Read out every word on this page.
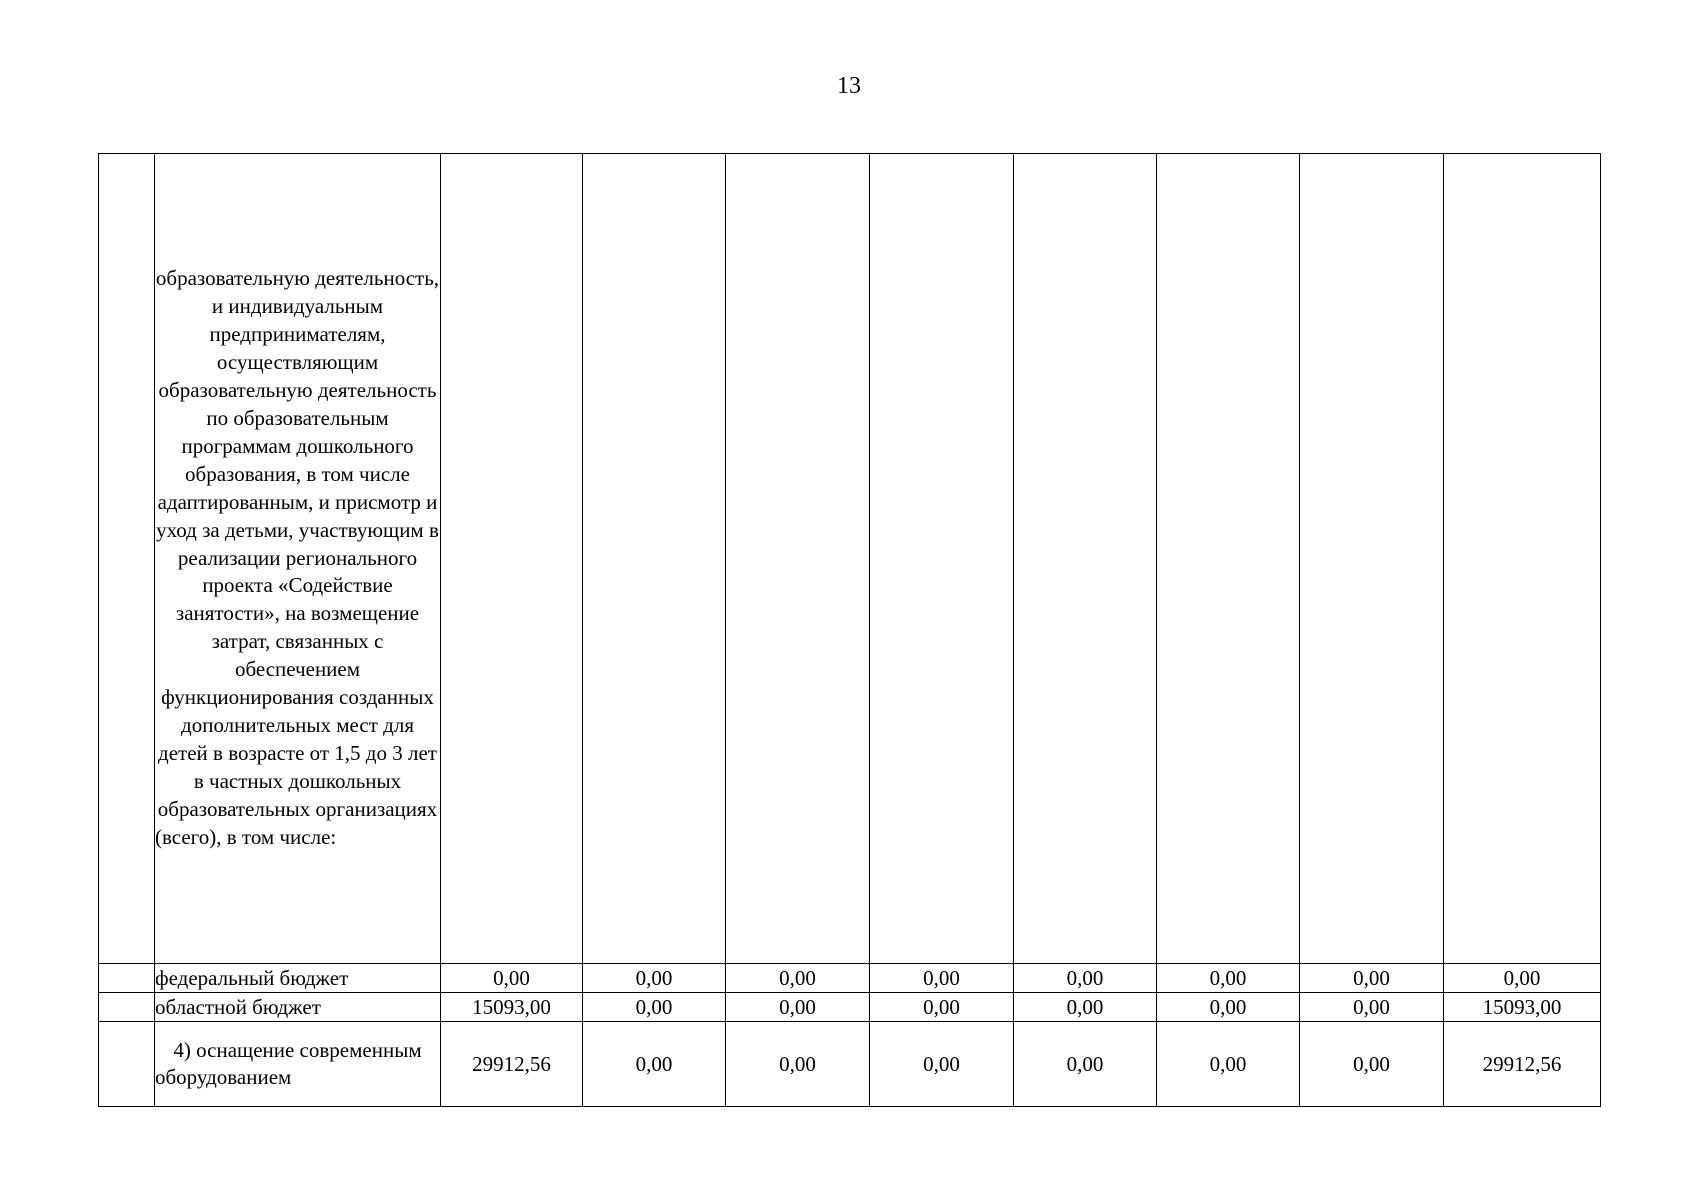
13
	образовательную деятельность, и индивидуальным предпринимателям, осуществляющим образовательную деятельность по образовательным программам дошкольного образования, в том числе адаптированным, и присмотр и уход за детьми, участвующим в реализации регионального проекта «Содействие занятости», на возмещение затрат, связанных с обеспечением функционирования созданных дополнительных мест для детей в возрасте от 1,5 до 3 лет в частных дошкольных образовательных организациях (всего), в том числе:								
	федеральный бюджет	0,00	0,00	0,00	0,00	0,00	0,00	0,00	0,00
	областной бюджет	15093,00	0,00	0,00	0,00	0,00	0,00	0,00	15093,00
	4) оснащение современным оборудованием	29912,56	0,00	0,00	0,00	0,00	0,00	0,00	29912,56
